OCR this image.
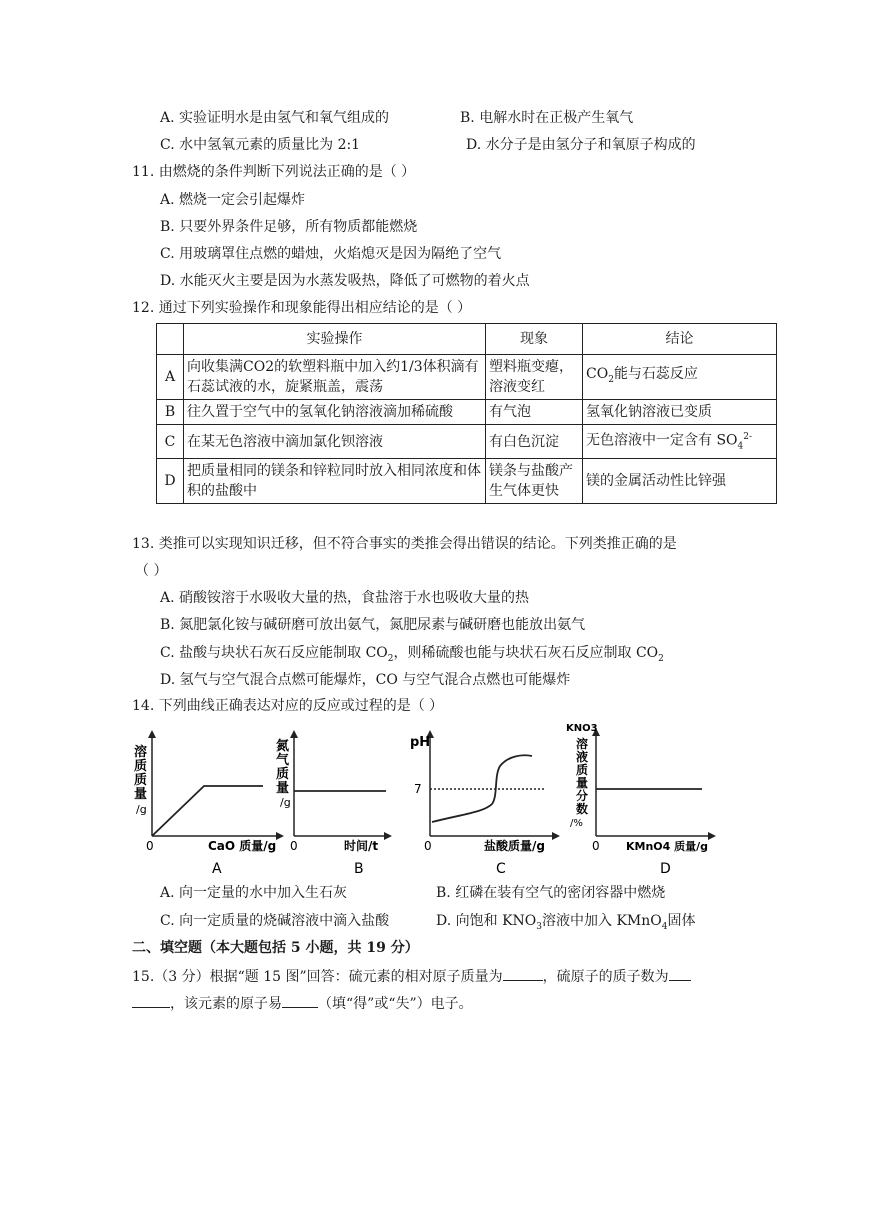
A. 实验证明水是由氢气和氧气组成的	B. 电解水时在正极产生氧气
C. 水中氢氧元素的质量比为 2:1	D. 水分子是由氢分子和氧原子构成的
11. 由燃烧的条件判断下列说法正确的是（ ）
A. 燃烧一定会引起爆炸
B. 只要外界条件足够，所有物质都能燃烧
C. 用玻璃罩住点燃的蜡烛，火焰熄灭是因为隔绝了空气
D. 水能灭火主要是因为水蒸发吸热，降低了可燃物的着火点
12. 通过下列实验操作和现象能得出相应结论的是（ ）
	实验操作	现象	结论
A	向收集满CO2的软塑料瓶中加入约1/3体积滴有石蕊试液的水，旋紧瓶盖，震荡	塑料瓶变瘪，溶液变红	$CO_2$能与石蕊反应
B	往久置于空气中的氢氧化钠溶液滴加稀硫酸	有气泡	氢氧化钠溶液已变质
C	在某无色溶液中滴加氯化钡溶液	有白色沉淀	无色溶液中一定含有 $SO_4^{2-}$
D	把质量相同的镁条和锌粒同时放入相同浓度和体积的盐酸中	镁条与盐酸产生气体更快	镁的金属活动性比锌强
13. 类推可以实现知识迁移，但不符合事实的类推会得出错误的结论。下列类推正确的是
（ ）
A. 硝酸铵溶于水吸收大量的热，食盐溶于水也吸收大量的热
B. 氮肥氯化铵与碱研磨可放出氨气，氮肥尿素与碱研磨也能放出氨气
C. 盐酸与块状石灰石反应能制取 $CO_2$，则稀硫酸也能与块状石灰石反应制取 $CO_2$
D. 氢气与空气混合点燃可能爆炸，CO 与空气混合点燃也可能爆炸
14. 下列曲线正确表达对应的反应或过程的是（ ）
溶
质
质
量
/g
0	CaO 质量/g
A
氮
气
质
量
/g
0	时间/t
B
pH
7
0	盐酸质量/g
C
KNO3
溶
液
质
量
分
数
/%
0 KMnO4 质量/g
D
A. 向一定量的水中加入生石灰	B. 红磷在装有空气的密闭容器中燃烧
C. 向一定质量的烧碱溶液中滴入盐酸	D. 向饱和 $KNO_3$溶液中加入 KMnO$_4$固体
二、填空题（本大题包括 5 小题，共 19 分）
15.（3 分）根据“题 15 图”回答：硫元素的相对原子质量为	，硫原子的质子数为
，该元素的原子易	（填“得”或“失”）电子。
